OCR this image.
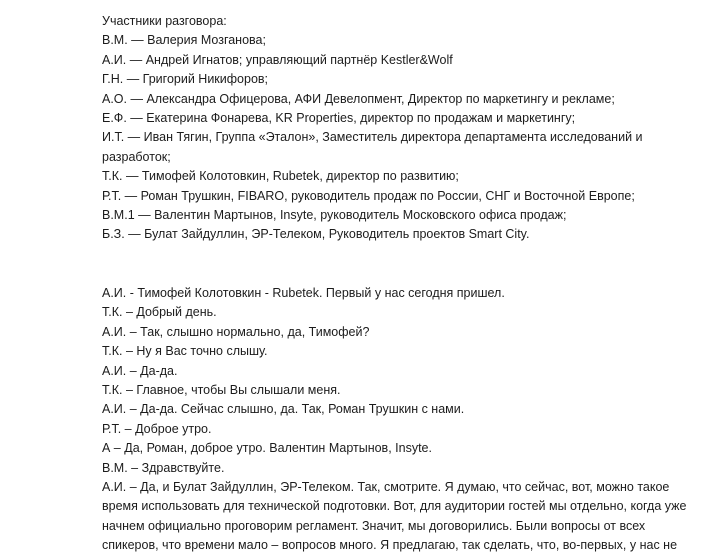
Участники разговора:

В.М. — Валерия Мозганова;

А.И. — Андрей Игнатов; управляющий партнёр Kestler&Wolf

Г.Н. — Григорий Никифоров;

А.О. — Александра Офицерова, АФИ Девелопмент, Директор по маркетингу и рекламе;

Е.Ф. — Екатерина Фонарева, KR Properties, директор по продажам и маркетингу;

И.Т. — Иван Тягин, Группа «Эталон», Заместитель директора департамента исследований и разработок;

Т.К. — Тимофей Колотовкин, Rubetek, директор по развитию;

Р.Т. — Роман Трушкин, FIBARO, руководитель продаж по России, СНГ и Восточной Европе;

В.М.1 — Валентин Мартынов, Insyte, руководитель Московского офиса продаж;

Б.З. — Булат Зайдуллин, ЭР-Телеком, Руководитель проектов Smart City.

А.И. - Тимофей Колотовкин - Rubetek. Первый у нас сегодня пришел.

Т.К. – Добрый день.

А.И. – Так, слышно нормально, да, Тимофей?

Т.К. – Ну я Вас точно слышу.

А.И. – Да-да.

Т.К. – Главное, чтобы Вы слышали меня.

А.И. – Да-да. Сейчас слышно, да. Так, Роман Трушкин с нами.

Р.Т. – Доброе утро.

А – Да, Роман, доброе утро. Валентин Мартынов, Insyte.

В.М. – Здравствуйте.

А.И. – Да, и Булат Зайдуллин, ЭР-Телеком. Так, смотрите. Я думаю, что сейчас, вот, можно такое время использовать для технической подготовки. Вот, для аудитории гостей мы отдельно, когда уже начнем официально проговорим регламент. Значит, мы договорились. Были вопросы от всех спикеров, что времени мало – вопросов много. Я предлагаю, так сделать, что, во-первых, у нас не
